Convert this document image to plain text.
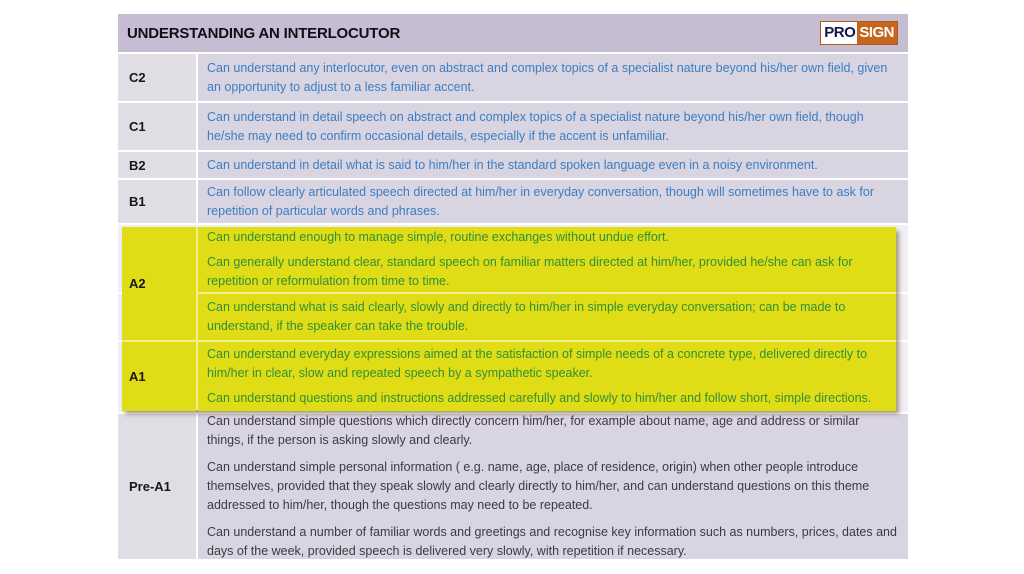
UNDERSTANDING AN INTERLOCUTOR	PRO SIGN
C2

Can understand any interlocutor, even on abstract and complex topics of a specialist nature beyond his/her own field, given an opportunity to adjust to a less familiar accent.

C1

Can understand in detail speech on abstract and complex topics of a specialist nature beyond his/her own field, though he/she may need to confirm occasional details, especially if the accent is unfamiliar.

B2	Can understand in detail what is said to him/her in the standard spoken language even in a noisy environment.

B1

Can follow clearly articulated speech directed at him/her in everyday conversation, though will sometimes have to ask for repetition of particular words and phrases.

A2

Can understand enough to manage simple, routine exchanges without undue effort.

Can generally understand clear, standard speech on familiar matters directed at him/her, provided he/she can ask for repetition or reformulation from time to time.

Can understand what is said clearly, slowly and directly to him/her in simple everyday conversation; can be made to understand, if the speaker can take the trouble.

A1

Can understand everyday expressions aimed at the satisfaction of simple needs of a concrete type, delivered directly to him/her in clear, slow and repeated speech by a sympathetic speaker.

Can understand questions and instructions addressed carefully and slowly to him/her and follow short, simple directions.

Pre-A1

Can understand simple questions which directly concern him/her, for example about name, age and address or similar things, if the person is asking slowly and clearly.

Can understand simple personal information ( e.g. name, age, place of residence, origin) when other people introduce themselves, provided that they speak slowly and clearly directly to him/her, and can understand questions on this theme addressed to him/her, though the questions may need to be repeated.

Can understand a number of familiar words and greetings and recognise key information such as numbers, prices, dates and days of the week, provided speech is delivered very slowly, with repetition if necessary.
